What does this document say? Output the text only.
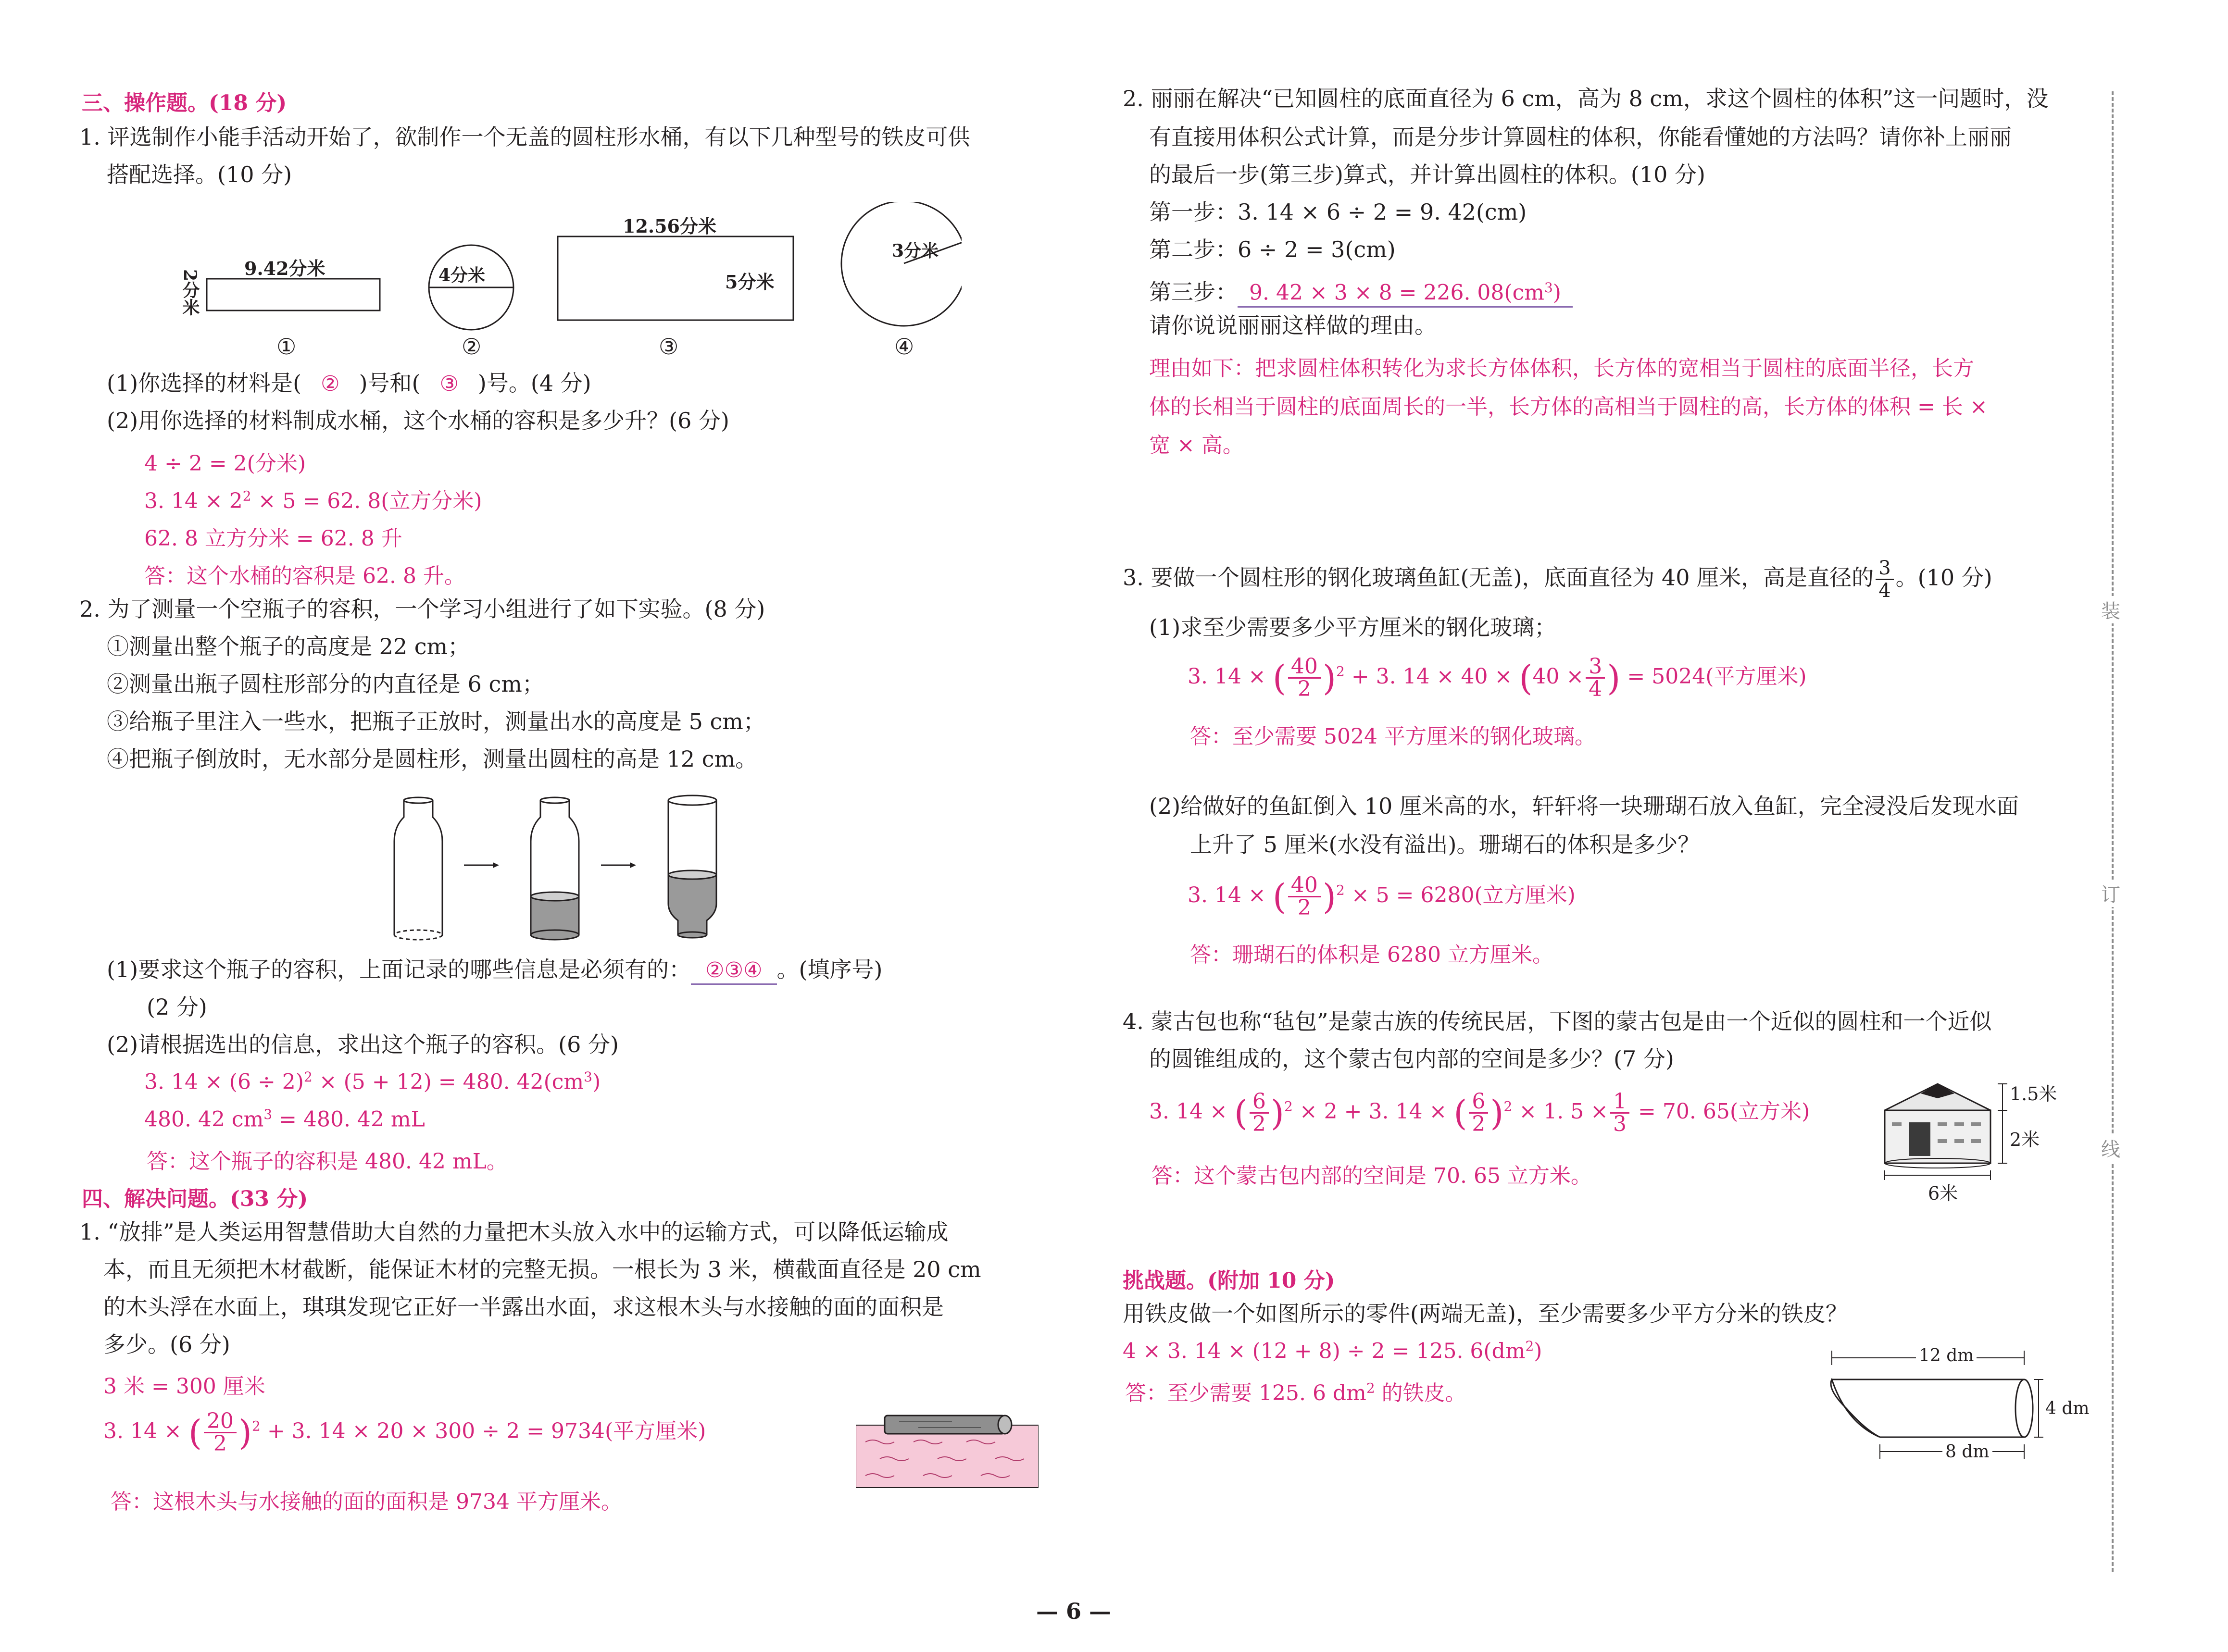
三、操作题。(18 分)
1. 评选制作小能手活动开始了，欲制作一个无盖的圆柱形水桶，有以下几种型号的铁皮可供
搭配选择。(10 分)
9.42分米
2分米	4分米
12.56分米
5分米
3分米
①	②	③	④
(1)你选择的材料是( ② )号和( ③ )号。(4 分)
(2)用你选择的材料制成水桶，这个水桶的容积是多少升？(6 分)
4 ÷ 2 = 2(分米)
3. $14 \times 2^2 \times 5 = 62$. 8(立方分米)
62. 8 立方分米 = 62. 8 升
答：这个水桶的容积是 62. 8 升。
2. 为了测量一个空瓶子的容积，一个学习小组进行了如下实验。(8 分)
①测量出整个瓶子的高度是 22 cm；
②测量出瓶子圆柱形部分的内直径是 6 cm；
③给瓶子里注入一些水，把瓶子正放时，测量出水的高度是 5 cm；
④把瓶子倒放时，无水部分是圆柱形，测量出圆柱的高是 12 cm。
(1)要求这个瓶子的容积，上面记录的哪些信息是必须有的： ②③④ 。(填序号)
(2 分)
(2)请根据选出的信息，求出这个瓶子的容积。(6 分)
3. $14 \times (6 \div 2)^2 \times (5 + 12) = 480$. $42(cm^3)$
480. 42 $cm^3 = 480$. 42 mL
答：这个瓶子的容积是 480. 42 mL。
四、解决问题。(33 分)
1. “放排”是人类运用智慧借助大自然的力量把木头放入水中的运输方式，可以降低运输成
本，而且无须把木材截断，能保证木材的完整无损。一根长为 3 米，横截面直径是 20 cm
的木头浮在水面上，琪琪发现它正好一半露出水面，求这根木头与水接触的面的面积是
多少。(6 分)
3 米 = 300 厘米
3. 14 × ( $\frac{20}{2} )^2 + 3$. 14 × 20 × 300 ÷ 2 = 9734(平方厘米)
答：这根木头与水接触的面的面积是 9734 平方厘米。
2. 丽丽在解决“已知圆柱的底面直径为 6 cm，高为 8 cm，求这个圆柱的体积”这一问题时，没
有直接用体积公式计算，而是分步计算圆柱的体积，你能看懂她的方法吗？请你补上丽丽
的最后一步(第三步)算式，并计算出圆柱的体积。(10 分)
第一步：3. 14 × 6 ÷ 2 = 9. 42(cm)
第二步：6 ÷ 2 = 3(cm)
第三步： 9. 42 × 3 × 8 = 226. $08(cm^3)$
请你说说丽丽这样做的理由。
理由如下：把求圆柱体积转化为求长方体体积，长方体的宽相当于圆柱的底面半径，长方
体的长相当于圆柱的底面周长的一半，长方体的高相当于圆柱的高，长方体的体积 = 长 ×
宽 × 高。
3. 要做一个圆柱形的钢化玻璃鱼缸(无盖)，底面直径为 40 厘米，高是直径的 $\frac{3}{4}$ 。(10 分)
(1)求至少需要多少平方厘米的钢化玻璃；
3. 14 × ( $\frac{40}{2} )^2 + 3$. $14 \times 40 \times (40 \times \frac{3}{4}$ ) = 5024(平方厘米)
答：至少需要 5024 平方厘米的钢化玻璃。
(2)给做好的鱼缸倒入 10 厘米高的水，轩轩将一块珊瑚石放入鱼缸，完全浸没后发现水面
上升了 5 厘米(水没有溢出)。珊瑚石的体积是多少？
3. 14 × ( $\frac{40}{2} )^2 \times 5 = 6280$(立方厘米)
答：珊瑚石的体积是 6280 立方厘米。
4. 蒙古包也称“毡包”是蒙古族的传统民居，下图的蒙古包是由一个近似的圆柱和一个近似
的圆锥组成的，这个蒙古包内部的空间是多少？(7 分)
3. 14 × ( $\frac{6}{2} )^2 \times 2 + 3$. 14 × ( $\frac{6}{2} )^2 \times 1$. $5 \times \frac{1}{3} = 70$. 65(立方米)
答：这个蒙古包内部的空间是 70. 65 立方米。
1.5米
2米
6米
挑战题。(附加 10 分)
用铁皮做一个如图所示的零件(两端无盖)，至少需要多少平方分米的铁皮？
4 × 3. 14 × (12 + 8) ÷ 2 = 125. $6(dm^2)$
答：至少需要 125. 6 $dm^2$ 的铁皮。
12 dm
4 dm
8 dm
装
订
线
— 6 —
